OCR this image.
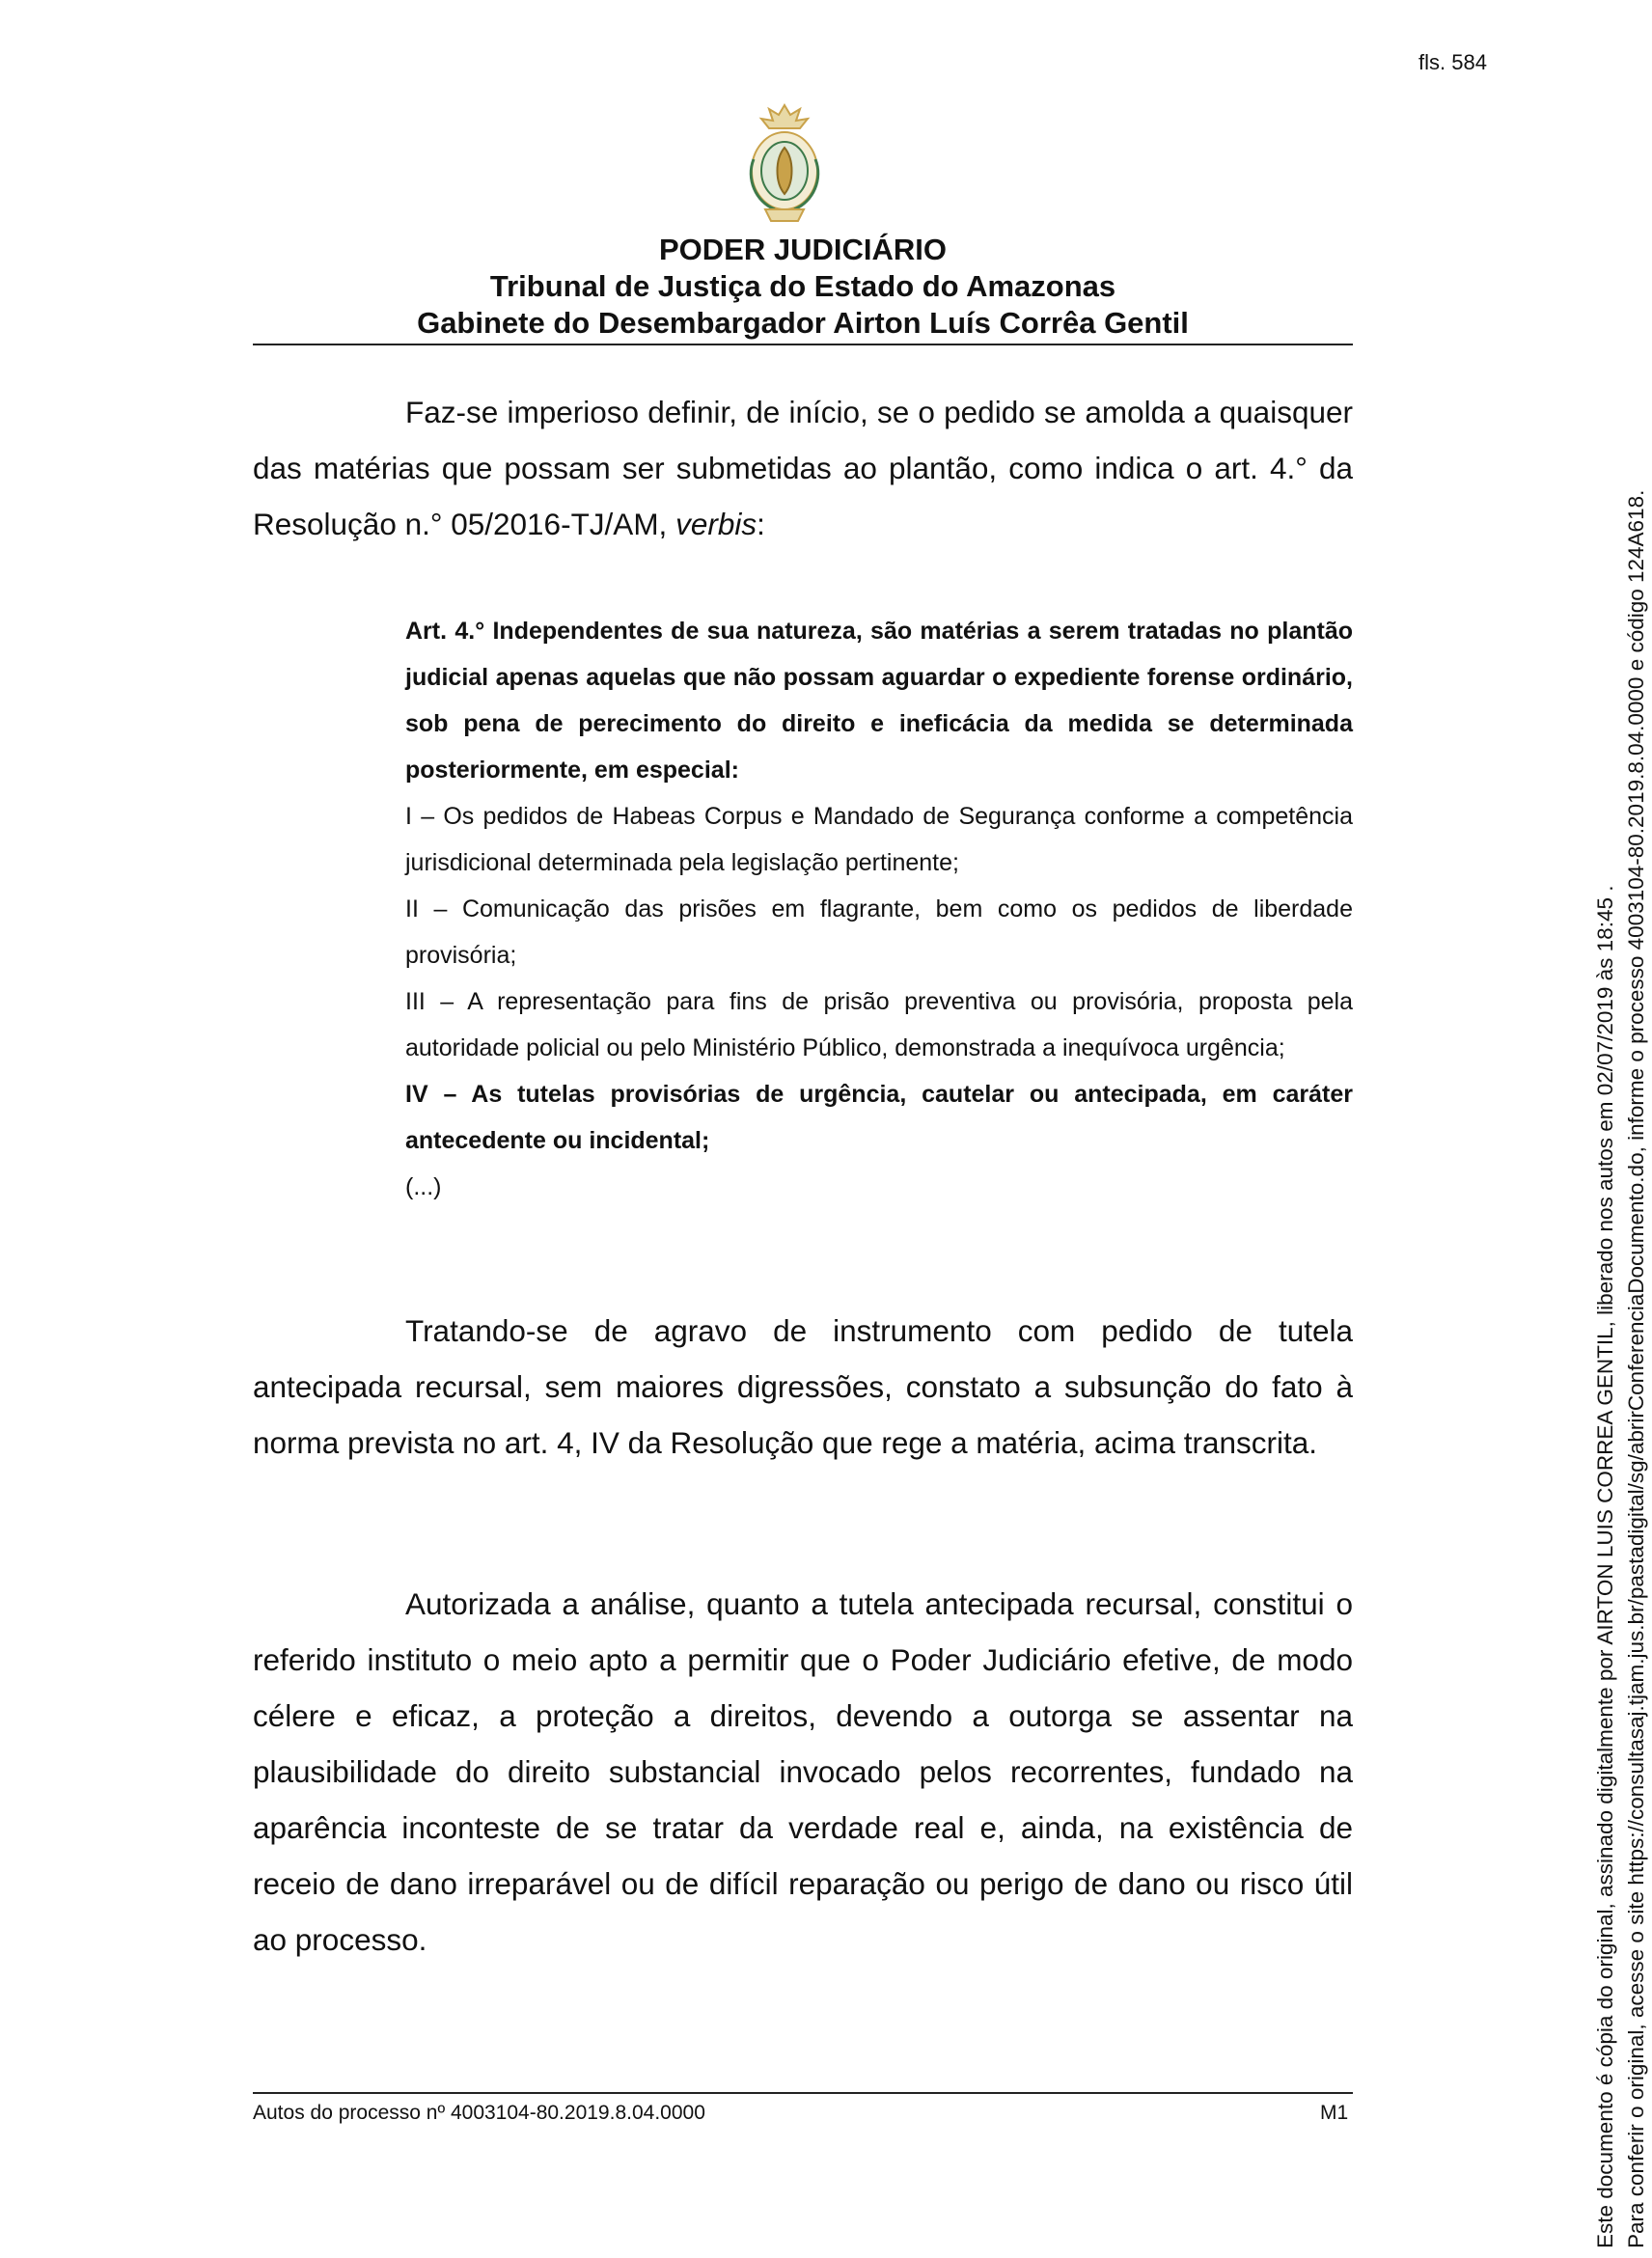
fls. 584
PODER JUDICIÁRIO
Tribunal de Justiça do Estado do Amazonas
Gabinete do Desembargador Airton Luís Corrêa Gentil

Faz-se imperioso definir, de início, se o pedido se amolda a quaisquer das matérias que possam ser submetidas ao plantão, como indica o art. 4.° da Resolução n.° 05/2016-TJ/AM, verbis:

Art. 4.° Independentes de sua natureza, são matérias a serem tratadas no plantão judicial apenas aquelas que não possam aguardar o expediente forense ordinário, sob pena de perecimento do direito e ineficácia da medida se determinada posteriormente, em especial:

I – Os pedidos de Habeas Corpus e Mandado de Segurança conforme a competência jurisdicional determinada pela legislação pertinente;

II – Comunicação das prisões em flagrante, bem como os pedidos de liberdade provisória;

III – A representação para fins de prisão preventiva ou provisória, proposta pela autoridade policial ou pelo Ministério Público, demonstrada a inequívoca urgência;

IV – As tutelas provisórias de urgência, cautelar ou antecipada, em caráter antecedente ou incidental;

(...)

Tratando-se de agravo de instrumento com pedido de tutela antecipada recursal, sem maiores digressões, constato a subsunção do fato à norma prevista no art. 4, IV da Resolução que rege a matéria, acima transcrita.

Autorizada a análise, quanto a tutela antecipada recursal, constitui o referido instituto o meio apto a permitir que o Poder Judiciário efetive, de modo célere e eficaz, a proteção a direitos, devendo a outorga se assentar na plausibilidade do direito substancial invocado pelos recorrentes, fundado na aparência inconteste de se tratar da verdade real e, ainda, na existência de receio de dano irreparável ou de difícil reparação ou perigo de dano ou risco útil ao processo.

Autos do processo nº 4003104-80.2019.8.04.0000	M1	Este documento é cópia do original, assinado digitalmente por AIRTON LUIS CORREA GENTIL, liberado nos autos em 02/07/2019 às 18:45 . Para conferir o original, acesse o site https://consultasaj.tjam.jus.br/pastadigital/sg/abrirConferenciaDocumento.do, informe o processo 4003104-80.2019.8.04.0000 e código 124A618.
